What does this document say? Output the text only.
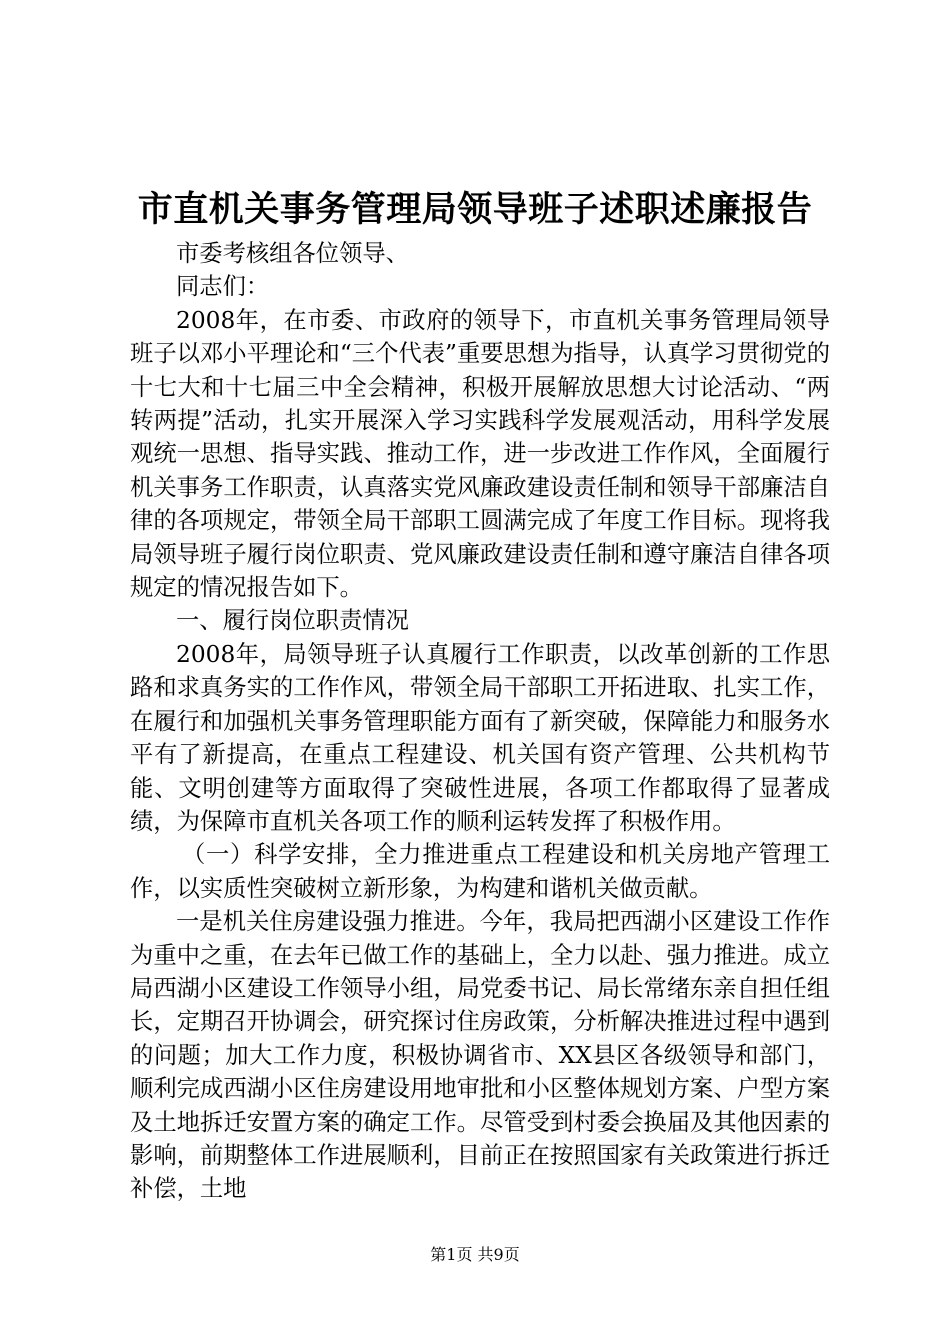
市直机关事务管理局领导班子述职述廉报告

市委考核组各位领导、

同志们：

2008年，在市委、市政府的领导下，市直机关事务管理局领导班子以邓小平理论和“三个代表”重要思想为指导，认真学习贯彻党的十七大和十七届三中全会精神，积极开展解放思想大讨论活动、“两转两提”活动，扎实开展深入学习实践科学发展观活动，用科学发展观统一思想、指导实践、推动工作，进一步改进工作作风，全面履行机关事务工作职责，认真落实党风廉政建设责任制和领导干部廉洁自律的各项规定，带领全局干部职工圆满完成了年度工作目标。现将我局领导班子履行岗位职责、党风廉政建设责任制和遵守廉洁自律各项规定的情况报告如下。

一、履行岗位职责情况

2008年，局领导班子认真履行工作职责，以改革创新的工作思路和求真务实的工作作风，带领全局干部职工开拓进取、扎实工作，在履行和加强机关事务管理职能方面有了新突破，保障能力和服务水平有了新提高，在重点工程建设、机关国有资产管理、公共机构节能、文明创建等方面取得了突破性进展，各项工作都取得了显著成绩，为保障市直机关各项工作的顺利运转发挥了积极作用。

（一）科学安排，全力推进重点工程建设和机关房地产管理工作，以实质性突破树立新形象，为构建和谐机关做贡献。

一是机关住房建设强力推进。今年，我局把西湖小区建设工作作为重中之重，在去年已做工作的基础上，全力以赴、强力推进。成立局西湖小区建设工作领导小组，局党委书记、局长常绪东亲自担任组长，定期召开协调会，研究探讨住房政策，分析解决推进过程中遇到的问题；加大工作力度，积极协调省市、XX县区各级领导和部门，顺利完成西湖小区住房建设用地审批和小区整体规划方案、户型方案及土地拆迁安置方案的确定工作。尽管受到村委会换届及其他因素的影响，前期整体工作进展顺利，目前正在按照国家有关政策进行拆迁补偿，土地

第1页 共9页
